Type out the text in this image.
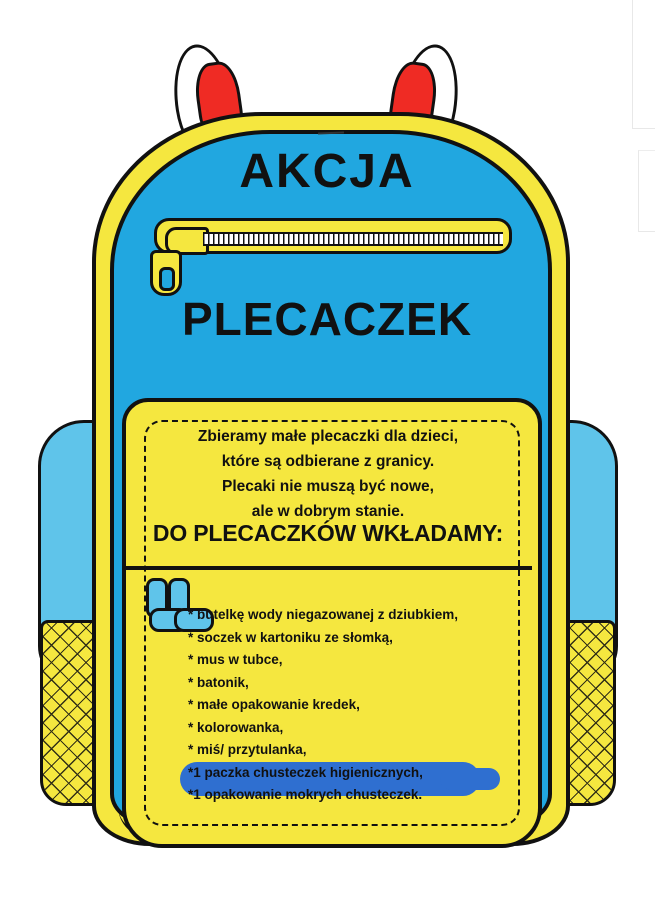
AKCJA
PLECACZEK
Zbieramy małe plecaczki dla dzieci,
które są odbierane z granicy.
Plecaki nie muszą być nowe,
ale w dobrym stanie.
DO PLECACZKÓW WKŁADAMY:
* butelkę wody niegazowanej z dziubkiem,
* soczek w kartoniku ze słomką,
* mus w tubce,
* batonik,
* małe opakowanie kredek,
* kolorowanka,
* miś/ przytulanka,
*1 paczka chusteczek higienicznych,
*1 opakowanie mokrych chusteczek.
